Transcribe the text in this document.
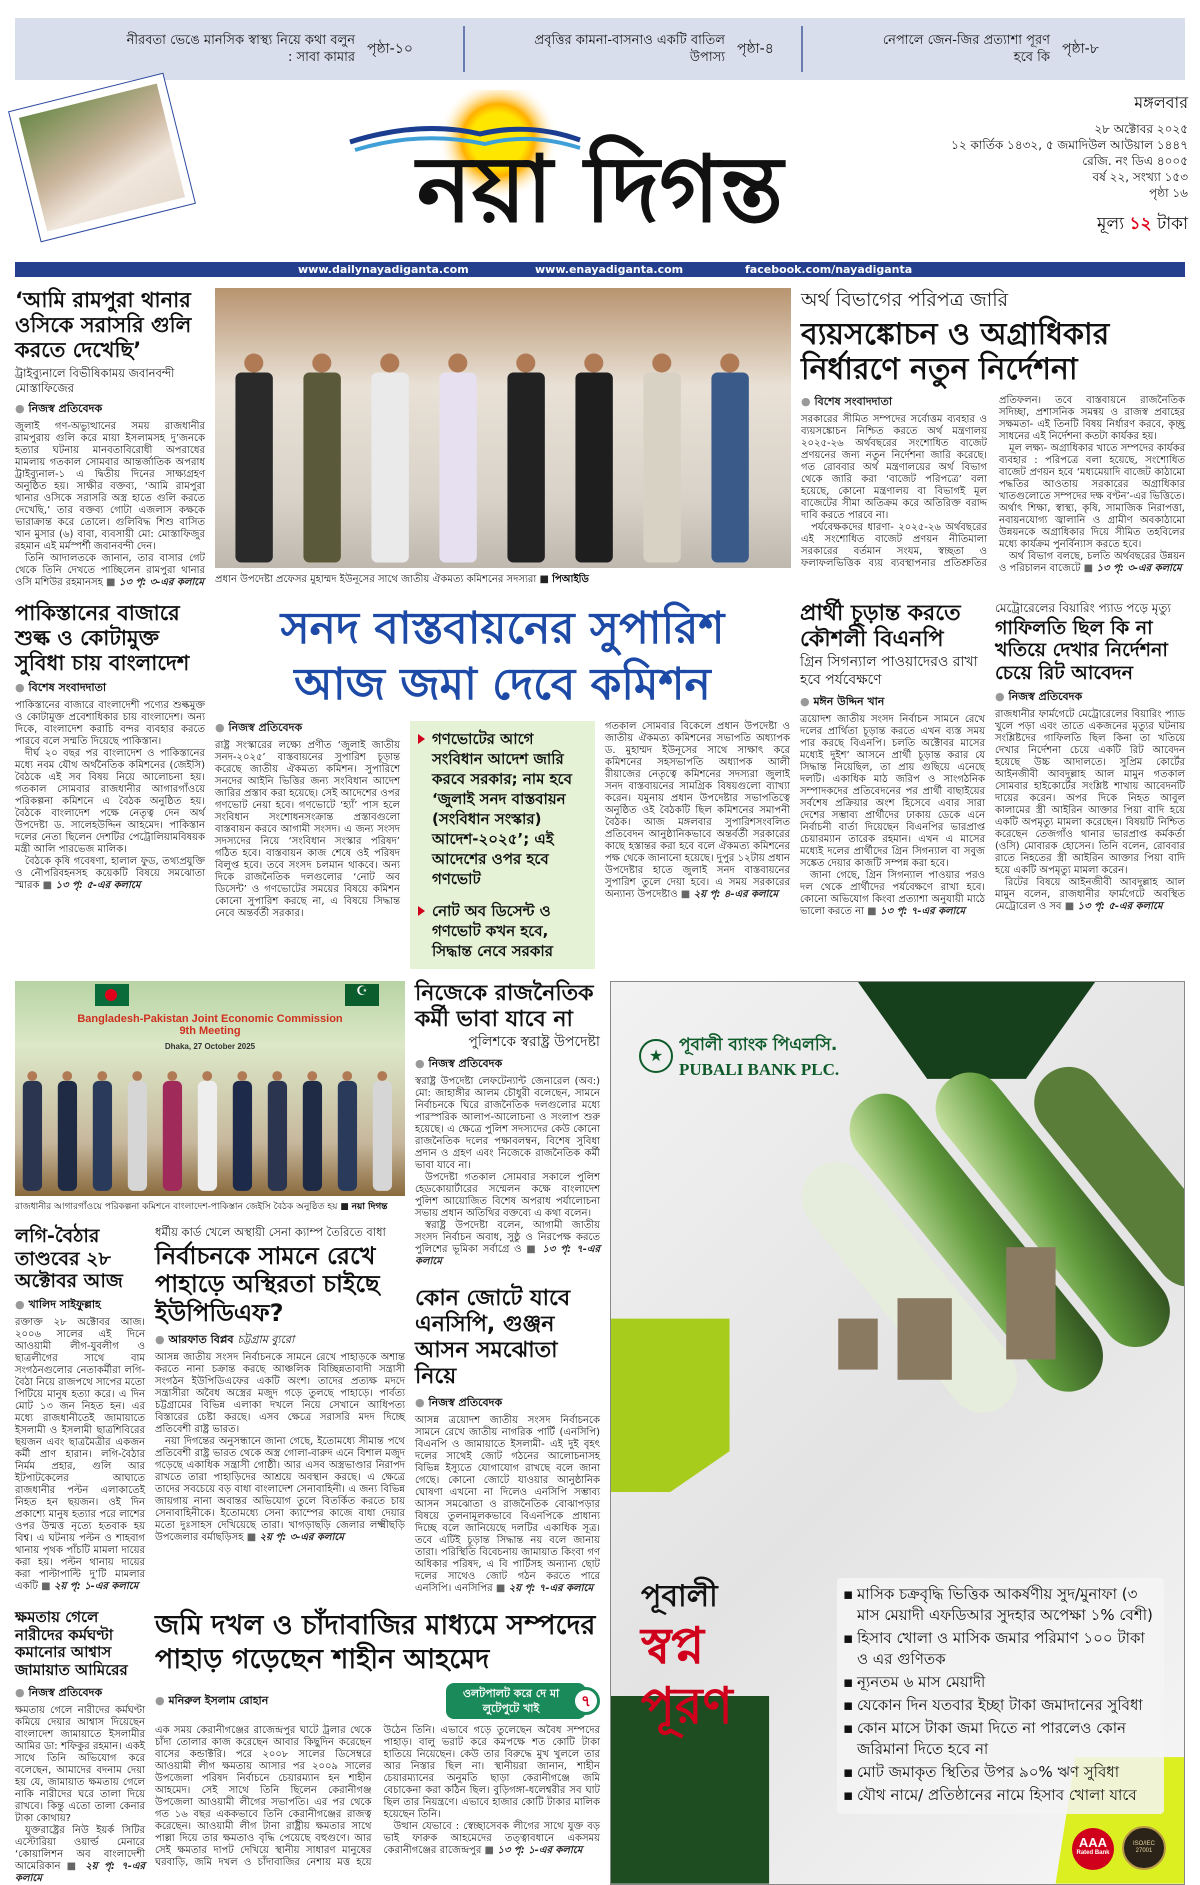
নীরবতা ভেঙে মানসিক স্বাস্থ্য নিয়ে কথা বলুন : সাবা কামার
পৃষ্ঠা-১০
প্রবৃত্তির কামনা-বাসনাও একটি বাতিল উপাস্য
পৃষ্ঠা-৪
নেপালে জেন-জির প্রত্যাশা পূরণ হবে কি
পৃষ্ঠা-৮
নয়া দিগন্ত
মঙ্গলবার
২৮ অক্টোবর ২০২৫
১২ কার্তিক ১৪৩২, ৫ জমাদিউল আউয়াল ১৪৪৭
রেজি. নং ডিএ ৪০০৫
বর্ষ ২২, সংখ্যা ১৫৩
পৃষ্ঠা ১৬
মূল্য ১২ টাকা
www.dailynayadiganta.com	www.enayadiganta.com	facebook.com/nayadiganta
‘আমি রামপুরা থানার ওসিকে সরাসরি গুলি করতে দেখেছি’
ট্রাইব্যুনালে বিভীষিকাময় জবানবন্দী মোস্তাফিজের
● নিজস্ব প্রতিবেদক

জুলাই গণ-অভ্যুত্থানের সময় রাজধানীর রামপুরায় গুলি করে মায়া ইসলামসহ দু’জনকে হত্যার ঘটনায় মানবতাবিরোধী অপরাধের মামলায় গতকাল সোমবার আন্তর্জাতিক অপরাধ ট্রাইব্যুনাল-১ এ দ্বিতীয় দিনের সাক্ষ্যগ্রহণ অনুষ্ঠিত হয়। সাক্ষীর বক্তব্য, ‘আমি রামপুরা থানার ওসিকে সরাসরি অস্ত্র হাতে গুলি করতে দেখেছি,’ তার বক্তব্য গোটা এজলাস কক্ষকে ভারাক্রান্ত করে তোলে। গুলিবিদ্ধ শিশু বাসিত খান মুসার (৬) বাবা, ব্যবসায়ী মো: মোস্তাফিজুর রহমান এই মর্মস্পর্শী জবানবন্দী দেন।

তিনি আদালতকে জানান, তার বাসার গেট থেকে তিনি দেখতে পাচ্ছিলেন রামপুরা থানার ওসি মশিউর রহমানসহ ■ ১৩ পৃ: ৩-এর কলামে প্রধান উপদেষ্টা প্রফেসর মুহাম্মদ ইউনূসের সাথে জাতীয় ঐকমত্য কমিশনের সদস্যরা ■ পিআইডি
অর্থ বিভাগের পরিপত্র জারি
ব্যয়সঙ্কোচন ও অগ্রাধিকার নির্ধারণে নতুন নির্দেশনা
● বিশেষ সংবাদদাতা

সরকারের সীমিত সম্পদের সর্বোত্তম ব্যবহার ও ব্যয়সঙ্কোচন নিশ্চিত করতে অর্থ মন্ত্রণালয় ২০২৫-২৬ অর্থবছরের সংশোধিত বাজেট প্রণয়নের জন্য নতুন নির্দেশনা জারি করেছে। গত রোববার অর্থ মন্ত্রণালয়ের অর্থ বিভাগ থেকে জারি করা ‘বাজেট পরিপত্রে’ বলা হয়েছে, কোনো মন্ত্রণালয় বা বিভাগই মূল বাজেটের সীমা অতিক্রম করে অতিরিক্ত বরাদ্দ দাবি করতে পারবে না।

পর্যবেক্ষকদের ধারণা- ২০২৫-২৬ অর্থবছরের এই সংশোধিত বাজেট প্রণয়ন নীতিমালা সরকারের বর্তমান সংযম, স্বচ্ছতা ও ফলাফলভিত্তিক ব্যয় ব্যবস্থাপনার প্রতিশ্রুতির প্রতিফলন। তবে বাস্তবায়নে রাজনৈতিক সদিচ্ছা, প্রশাসনিক সমন্বয় ও রাজস্ব প্রবাহের সক্ষমতা- এই তিনটি বিষয় নির্ধারণ করবে, কৃচ্ছ্র সাধনের এই নির্দেশনা কতটা কার্যকর হয়।

মূল লক্ষ্য- অগ্রাধিকার খাতে সম্পদের কার্যকর ব্যবহার : পরিপত্রে বলা হয়েছে, সংশোধিত বাজেট প্রণয়ন হবে ‘মধ্যমেয়াদি বাজেট কাঠামো পদ্ধতির আওতায় সরকারের অগ্রাধিকার খাতগুলোতে সম্পদের দক্ষ বণ্টন’-এর ভিত্তিতে। অর্থাৎ শিক্ষা, স্বাস্থ্য, কৃষি, সামাজিক নিরাপত্তা, নবায়নযোগ্য জ্বালানি ও গ্রামীণ অবকাঠামো উন্নয়নকে অগ্রাধিকার দিয়ে সীমিত তহবিলের মধ্যে কার্যক্রম পুনর্বিন্যাস করতে হবে।

অর্থ বিভাগ বলছে, চলতি অর্থবছরের উন্নয়ন ও পরিচালন বাজেটে ■ ১৩ পৃ: ৩-এর কলামে

পাকিস্তানের বাজারে শুল্ক ও কোটামুক্ত সুবিধা চায় বাংলাদেশ
● বিশেষ সংবাদদাতা

পাকিস্তানের বাজারে বাংলাদেশী পণ্যের শুল্কমুক্ত ও কোটামুক্ত প্রবেশাধিকার চায় বাংলাদেশ। অন্য দিকে, বাংলাদেশ করাচি বন্দর ব্যবহার করতে পারবে বলে সম্মতি দিয়েছে পাকিস্তান।

দীর্ঘ ২০ বছর পর বাংলাদেশ ও পাকিস্তানের মধ্যে নবম যৌথ অর্থনৈতিক কমিশনের (জেইসি) বৈঠকে এই সব বিষয় নিয়ে আলোচনা হয়। গতকাল সোমবার রাজধানীর আগারগাঁওয়ে পরিকল্পনা কমিশনে এ বৈঠক অনুষ্ঠিত হয়। বৈঠকে বাংলাদেশ পক্ষে নেতৃত্ব দেন অর্থ উপদেষ্টা ড. সালেহউদ্দিন আহমেদ। পাকিস্তান দলের নেতা ছিলেন দেশটির পেট্রোলিয়ামবিষয়ক মন্ত্রী আলি পারভেজ মালিক।

বৈঠকে কৃষি গবেষণা, হালাল ফুড, তথ্যপ্রযুক্তি ও নৌপরিবহনসহ কয়েকটি বিষয়ে সমঝোতা স্মারক ■ ১৩ পৃ: ৫-এর কলামে

সনদ বাস্তবায়নের সুপারিশ
আজ জমা দেবে কমিশন
● নিজস্ব প্রতিবেদক

রাষ্ট্র সংস্কারের লক্ষ্যে প্রণীত ‘জুলাই জাতীয় সনদ-২০২৫’ বাস্তবায়নের সুপারিশ চূড়ান্ত করেছে জাতীয় ঐকমত্য কমিশন। সুপারিশে সনদের আইনি ভিত্তির জন্য সংবিধান আদেশ জারির প্রস্তাব করা হয়েছে। সেই আদেশের ওপর গণভোট নেয়া হবে। গণভোটে ‘হ্যাঁ’ পাস হলে সংবিধান সংশোধনসংক্রান্ত প্রস্তাবগুলো বাস্তবায়ন করবে আগামী সংসদ। এ জন্য সংসদ সদস্যদের নিয়ে ‘সংবিধান সংস্কার পরিষদ’ গঠিত হবে। বাস্তবায়ন কাজ শেষে ওই পরিষদ বিলুপ্ত হবে। তবে সংসদ চলমান থাকবে। অন্য দিকে রাজনৈতিক দলগুলোর ‘নোট অব ডিসেন্ট’ ও গণভোটের সময়ের বিষয়ে কমিশন কোনো সুপারিশ করছে না, এ বিষয়ে সিদ্ধান্ত নেবে অন্তর্বর্তী সরকার।

গণভোটের আগে সংবিধান আদেশ জারি করবে সরকার; নাম হবে ‘জুলাই সনদ বাস্তবায়ন (সংবিধান সংস্কার) আদেশ-২০২৫’; এই আদেশের ওপর হবে গণভোট
নোট অব ডিসেন্ট ও গণভোট কখন হবে, সিদ্ধান্ত নেবে সরকার

গতকাল সোমবার বিকেলে প্রধান উপদেষ্টা ও জাতীয় ঐকমত্য কমিশনের সভাপতি অধ্যাপক ড. মুহাম্মদ ইউনূসের সাথে সাক্ষাৎ করে কমিশনের সহসভাপতি অধ্যাপক আলী রীয়াজের নেতৃত্বে কমিশনের সদস্যরা জুলাই সনদ বাস্তবায়নের সামগ্রিক বিষয়গুলো ব্যাখ্যা করেন। যমুনায় প্রধান উপদেষ্টার সভাপতিত্বে অনুষ্ঠিত ওই বৈঠকটি ছিল কমিশনের সমাপনী বৈঠক। আজ মঙ্গলবার সুপারিশসংবলিত প্রতিবেদন আনুষ্ঠানিকভাবে অন্তর্বর্তী সরকারের কাছে হস্তান্তর করা হবে বলে ঐকমত্য কমিশনের পক্ষ থেকে জানানো হয়েছে। দুপুর ১২টায় প্রধান উপদেষ্টার হাতে জুলাই সনদ বাস্তবায়নের সুপারিশ তুলে দেয়া হবে। এ সময় সরকারের অন্যান্য উপদেষ্টাও ■ ২য় পৃ: ৪-এর কলামে

প্রার্থী চূড়ান্ত করতে কৌশলী বিএনপি
গ্রিন সিগন্যাল পাওয়াদেরও রাখা হবে পর্যবেক্ষণে
● মঈন উদ্দিন খান

ত্রয়োদশ জাতীয় সংসদ নির্বাচন সামনে রেখে দলের প্রার্থিতা চূড়ান্ত করতে এখন ব্যস্ত সময় পার করছে বিএনপি। চলতি অক্টোবর মাসের মধ্যেই দুইশ’ আসনে প্রার্থী চূড়ান্ত করার যে সিদ্ধান্ত নিয়েছিল, তা প্রায় গুছিয়ে এনেছে দলটি। একাধিক মাঠ জরিপ ও সাংগঠনিক সম্পাদকদের প্রতিবেদনের পর প্রার্থী বাছাইয়ের সর্বশেষ প্রক্রিয়ার অংশ হিসেবে এবার সারা দেশের সম্ভাব্য প্রার্থীদের ঢাকায় ডেকে এনে নির্বাচনী বার্তা দিয়েছেন বিএনপির ভারপ্রাপ্ত চেয়ারম্যান তারেক রহমান। এখন এ মাসের মধ্যেই দলের প্রার্থীদের গ্রিন সিগন্যাল বা সবুজ সঙ্কেত দেয়ার কাজটি সম্পন্ন করা হবে।

জানা গেছে, গ্রিন সিগন্যাল পাওয়ার পরও দল থেকে প্রার্থীদের পর্যবেক্ষণে রাখা হবে। কোনো অভিযোগ কিংবা প্রত্যাশা অনুযায়ী মাঠে ভালো করতে না ■ ১৩ পৃ: ৭-এর কলামে

মেট্রোরেলের বিয়ারিং প্যাড পড়ে মৃত্যু
গাফিলতি ছিল কি না খতিয়ে দেখার নির্দেশনা চেয়ে রিট আবেদন
● নিজস্ব প্রতিবেদক

রাজধানীর ফার্মগেটে মেট্রোরেলের বিয়ারিং প্যাড খুলে পড়া এবং তাতে একজনের মৃত্যুর ঘটনায় সংশ্লিষ্টদের গাফিলতি ছিল কিনা তা খতিয়ে দেখার নির্দেশনা চেয়ে একটি রিট আবেদন হয়েছে উচ্চ আদালতে। সুপ্রিম কোর্টের আইনজীবী আবদুল্লাহ আল মামুন গতকাল সোমবার হাইকোর্টের সংশ্লিষ্ট শাখায় আবেদনটি দায়ের করেন। অপর দিকে নিহত আবুল কালামের স্ত্রী আইরিন আক্তার পিয়া বাদি হয়ে একটি অপমৃত্যু মামলা করেছেন। বিষয়টি নিশ্চিত করেছেন তেজগাঁও থানার ভারপ্রাপ্ত কর্মকর্তা (ওসি) মোবারক হোসেন। তিনি বলেন, রোববার রাতে নিহতের স্ত্রী আইরিন আক্তার পিয়া বাদি হয়ে একটি অপমৃত্যু মামলা করেন।

রিটের বিষয়ে আইনজীবী আবদুল্লাহ আল মামুন বলেন, রাজধানীর ফার্মগেটে অবস্থিত মেট্রোরেল ও সব ■ ১৩ পৃ: ৫-এর কলামে

Bangladesh-Pakistan Joint Economic Commission
9th Meeting
Dhaka, 27 October 2025
☪
রাজধানীর আগারগাঁওয়ে পরিকল্পনা কমিশনে বাংলাদেশ-পাকিস্তান জেইসি বৈঠক অনুষ্ঠিত হয় ■ নয়া দিগন্ত
লগি-বৈঠার তাণ্ডবের ২৮ অক্টোবর আজ
● খালিদ সাইফুল্লাহ

রক্তাক্ত ২৮ অক্টোবর আজ। ২০০৬ সালের এই দিনে আওয়ামী লীগ-যুবলীগ ও ছাত্রলীগের সাথে বাম সংগঠনগুলোর নেতাকর্মীরা লগি-বৈঠা নিয়ে রাজপথে সাপের মতো পিটিয়ে মানুষ হত্যা করে। এ দিন মোট ১৩ জন নিহত হন। এর মধ্যে রাজধানীতেই জামায়াতে ইসলামী ও ইসলামী ছাত্রশিবিরের ছয়জন এবং ছাত্রমৈত্রীর একজন কর্মী প্রাণ হারান। লগি-বৈঠার নির্মম প্রহার, গুলি আর ইটপাটকেলের আঘাতে রাজধানীর পল্টন এলাকাতেই নিহত হন ছয়জন। ওই দিন প্রকাশ্যে মানুষ হত্যার পরে লাশের ওপর উন্মত্ত নৃত্যে হতবাক হয় বিশ্ব। এ ঘটনায় পল্টন ও শাহবাগ থানায় পৃথক পাঁচটি মামলা দায়ের করা হয়। পল্টন থানায় দায়ের করা পাল্টাপাল্টি দু’টি মামলার একটি ■ ২য় পৃ: ১-এর কলামে

ধর্মীয় কার্ড খেলে অস্থায়ী সেনা ক্যাম্প তৈরিতে বাধা
নির্বাচনকে সামনে রেখে পাহাড়ে অস্থিরতা চাইছে ইউপিডিএফ?
● আরফাত বিপ্লব চট্টগ্রাম ব্যুরো

আসন্ন জাতীয় সংসদ নির্বাচনকে সামনে রেখে পাহাড়কে অশান্ত করতে নানা চক্রান্ত করছে আঞ্চলিক বিচ্ছিন্নতাবাদী সন্ত্রাসী সংগঠন ইউপিডিএফের একটি অংশ। তাদের প্রত্যক্ষ মদদে সন্ত্রাসীরা অবৈধ অস্ত্রের মজুদ গড়ে তুলছে পাহাড়ে। পার্বত্য চট্টগ্রামের বিভিন্ন এলাকা দখলে নিয়ে সেখানে আধিপত্য বিস্তারের চেষ্টা করছে। এসব ক্ষেত্রে সরাসরি মদদ দিচ্ছে প্রতিবেশী রাষ্ট্র ভারত।

নয়া দিগন্তের অনুসন্ধানে জানা গেছে, ইতোমধ্যে সীমান্ত পথে প্রতিবেশী রাষ্ট্র ভারত থেকে অস্ত্র গোলা-বারুদ এনে বিশাল মজুদ গড়েছে একাধিক সন্ত্রাসী গোষ্ঠী। আর এসব অস্ত্রভাণ্ডার নিরাপদ রাখতে তারা পাহাড়িদের আশ্রয়ে অবস্থান করছে। এ ক্ষেত্রে তাদের সবচেয়ে বড় বাধা বাংলাদেশ সেনাবাহিনী। এ জন্য বিভিন্ন জায়গায় নানা অবান্তর অভিযোগ তুলে বিতর্কিত করতে চায় সেনাবাহিনীকে। ইতোমধ্যে সেনা ক্যাম্পের কাজে বাধা দেয়ার মতো দুঃসাহস দেখিয়েছে তারা। খাগড়াছড়ি জেলার লক্ষ্মীছড়ি উপজেলার বর্মাছড়িসহ ■ ২য় পৃ: ৩-এর কলামে

নিজেকে রাজনৈতিক কর্মী ভাবা যাবে না
পুলিশকে স্বরাষ্ট্র উপদেষ্টা
● নিজস্ব প্রতিবেদক

স্বরাষ্ট্র উপদেষ্টা লেফটেন্যান্ট জেনারেল (অব:) মো: জাহাঙ্গীর আলম চৌধুরী বলেছেন, সামনে নির্বাচনকে ঘিরে রাজনৈতিক দলগুলোর মধ্যে পারস্পরিক আলাপ-আলোচনা ও সংলাপ শুরু হয়েছে। এ ক্ষেত্রে পুলিশ সদস্যদের কেউ কোনো রাজনৈতিক দলের পক্ষাবলম্বন, বিশেষ সুবিধা প্রদান ও গ্রহণ এবং নিজেকে রাজনৈতিক কর্মী ভাবা যাবে না।

উপদেষ্টা গতকাল সোমবার সকালে পুলিশ হেডকোয়ার্টারের সম্মেলন কক্ষে বাংলাদেশ পুলিশ আয়োজিত বিশেষ অপরাধ পর্যালোচনা সভায় প্রধান অতিথির বক্তব্যে এ কথা বলেন।

স্বরাষ্ট্র উপদেষ্টা বলেন, আগামী জাতীয় সংসদ নির্বাচন অবাধ, সুষ্ঠু ও নিরপেক্ষ করতে পুলিশের ভূমিকা সর্বাগ্রে ও ■ ১৩ পৃ: ৭-এর কলামে

কোন জোটে যাবে এনসিপি, গুঞ্জন আসন সমঝোতা নিয়ে
● নিজস্ব প্রতিবেদক

আসন্ন ত্রয়োদশ জাতীয় সংসদ নির্বাচনকে সামনে রেখে জাতীয় নাগরিক পার্টি (এনসিপি) বিএনপি ও জামায়াতে ইসলামী- এই দুই বৃহৎ দলের সাথেই জোট গঠনের আলোচনাসহ বিভিন্ন ইস্যুতে যোগাযোগ রাখছে বলে জানা গেছে। কোনো জোটে যাওয়ার আনুষ্ঠানিক ঘোষণা এখনো না দিলেও এনসিপি সম্ভাব্য আসন সমঝোতা ও রাজনৈতিক বোঝাপড়ার বিষয়ে তুলনামূলকভাবে বিএনপিকে প্রাধান্য দিচ্ছে বলে জানিয়েছে দলটির একাধিক সূত্র। তবে এটিই চূড়ান্ত সিদ্ধান্ত নয় বলে জানায় তারা। পরিস্থিতি বিবেচনায় জামায়াত কিংবা গণ অধিকার পরিষদ, এ বি পার্টিসহ অন্যান্য ছোট দলের সাথেও জোট গঠন করতে পারে এনসিপি। এনসিপির ■ ২য় পৃ: ৭-এর কলামে

ক্ষমতায় গেলে নারীদের কর্মঘণ্টা কমানোর আশ্বাস জামায়াত আমিরের
● নিজস্ব প্রতিবেদক

ক্ষমতায় গেলে নারীদের কর্মঘণ্টা কমিয়ে দেয়ার আশ্বাস দিয়েছেন বাংলাদেশ জামায়াতে ইসলামীর আমির ডা: শফিকুর রহমান। একই সাথে তিনি অভিযোগ করে বলেছেন, আমাদের বদনাম দেয়া হয় যে, জামায়াত ক্ষমতায় গেলে নাকি নারীদের ঘরে তালা দিয়ে রাখবে। কিন্তু এতো তালা কেনার টাকা কোথায়?

যুক্তরাষ্ট্রের নিউ ইয়র্ক সিটির এস্টোরিয়া ওয়ার্ল্ড মেনারে ‘কোয়ালিশন অব বাংলাদেশী আমেরিকান ■ ২য় পৃ: ৭-এর কলামে

জমি দখল ও চাঁদাবাজির মাধ্যমে সম্পদের পাহাড় গড়েছেন শাহীন আহমেদ
● মনিরুল ইসলাম রোহান
ওলটপালট করে দে মা লুটেপুটে খাই	৭

এক সময় কেরানীগঞ্জের রাজেন্দ্রপুর ঘাটে ট্রলার থেকে চাঁদা তোলার কাজ করেছেন আবার কিছুদিন করেছেন বাসের কন্ডাক্টরি। পরে ২০০৮ সালের ডিসেম্বরে আওয়ামী লীগ ক্ষমতায় আসার পর ২০০৯ সালের উপজেলা পরিষদ নির্বাচনে চেয়ারম্যান হন শাহীন আহমেদ। সেই সাথে তিনি ছিলেন কেরানীগঞ্জ উপজেলা আওয়ামী লীগের সভাপতি। এর পর থেকে গত ১৬ বছর এককভাবে তিনি কেরানীগঞ্জের রাজত্ব করেছেন। আওয়ামী লীগ টানা রাষ্ট্রীয় ক্ষমতার সাথে পাল্লা দিয়ে তার ক্ষমতাও বৃদ্ধি পেয়েছে বহুগুণে। আর সেই ক্ষমতার দাপট দেখিয়ে স্থানীয় সাধারণ মানুষের ঘরবাড়ি, জমি দখল ও চাঁদাবাজির নেশায় মত্ত হয়ে উঠেন তিনি। এভাবে গড়ে তুলেছেন অবৈধ সম্পদের পাহাড়। বালু ভরাট করে কমপক্ষে শত কোটি টাকা হাতিয়ে নিয়েছেন। কেউ তার বিরুদ্ধে মুখ খুললে তার আর নিস্তার ছিল না। স্থানীয়রা জানান, শাহীন চেয়ারম্যানের অনুমতি ছাড়া কেরানীগঞ্জে জমি বেচাকেনা করা কঠিন ছিল। বুড়িগঙ্গা-ধলেশ্বরীর সব ঘাট ছিল তার নিয়ন্ত্রণে। এভাবে হাজার কোটি টাকার মালিক হয়েছেন তিনি।

উত্থান যেভাবে : স্বেচ্ছাসেবক লীগের সাথে যুক্ত বড় ভাই ফারুক আহমেদের তত্ত্বাবধানে একসময় কেরানীগঞ্জের রাজেন্দ্রপুর ■ ১৩ পৃ: ১-এর কলামে

★
পূবালী ব্যাংক পিএলসি.
PUBALI BANK PLC.
পূবালী
স্বপ্ন
পূরণ
▪ মাসিক চক্রবৃদ্ধি ভিত্তিক আকর্ষণীয় সুদ/মুনাফা (৩ মাস মেয়াদী এফডিআর সুদহার অপেক্ষা ১% বেশী)
▪ হিসাব খোলা ও মাসিক জমার পরিমাণ ১০০ টাকা ও এর গুণিতক
▪ ন্যূনতম ৬ মাস মেয়াদী
▪ যেকোন দিন যতবার ইচ্ছা টাকা জমাদানের সুবিধা
▪ কোন মাসে টাকা জমা দিতে না পারলেও কোন জরিমানা দিতে হবে না
▪ মোট জমাকৃত স্থিতির উপর ৯০% ঋণ সুবিধা
▪ যৌথ নামে/ প্রতিষ্ঠানের নামে হিসাব খোলা যাবে
AAA
Rated Bank
ISO/IEC 27001
